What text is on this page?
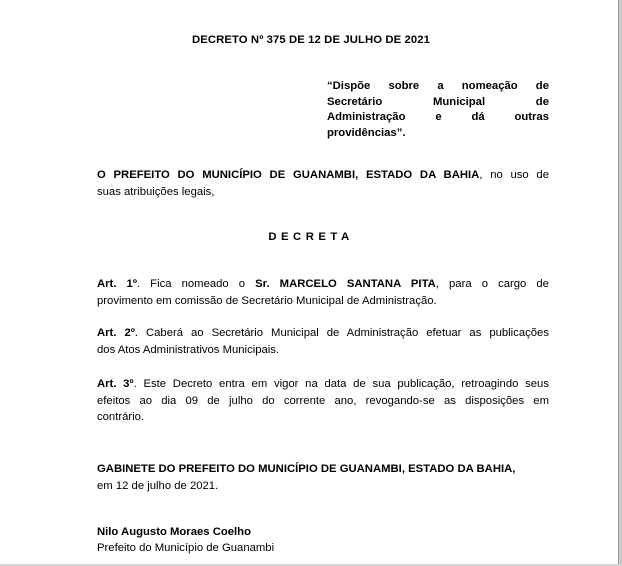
DECRETO Nº 375 DE 12 DE JULHO DE 2021
“Dispõe sobre a nomeação de
Secretário Municipal de
Administração e dá outras
providências”.
O PREFEITO DO MUNICÍPIO DE GUANAMBI, ESTADO DA BAHIA, no uso de
suas atribuições legais,
DECRETA
Art. 1º. Fica nomeado o Sr. MARCELO SANTANA PITA, para o cargo de
provimento em comissão de Secretário Municipal de Administração.
Art. 2º. Caberá ao Secretário Municipal de Administração efetuar as publicações
dos Atos Administrativos Municipais.
Art. 3º. Este Decreto entra em vigor na data de sua publicação, retroagindo seus
efeitos ao dia 09 de julho do corrente ano, revogando-se as disposições em
contrário.
GABINETE DO PREFEITO DO MUNICÍPIO DE GUANAMBI, ESTADO DA BAHIA,
em 12 de julho de 2021.
Nilo Augusto Moraes Coelho
Prefeito do Município de Guanambi
